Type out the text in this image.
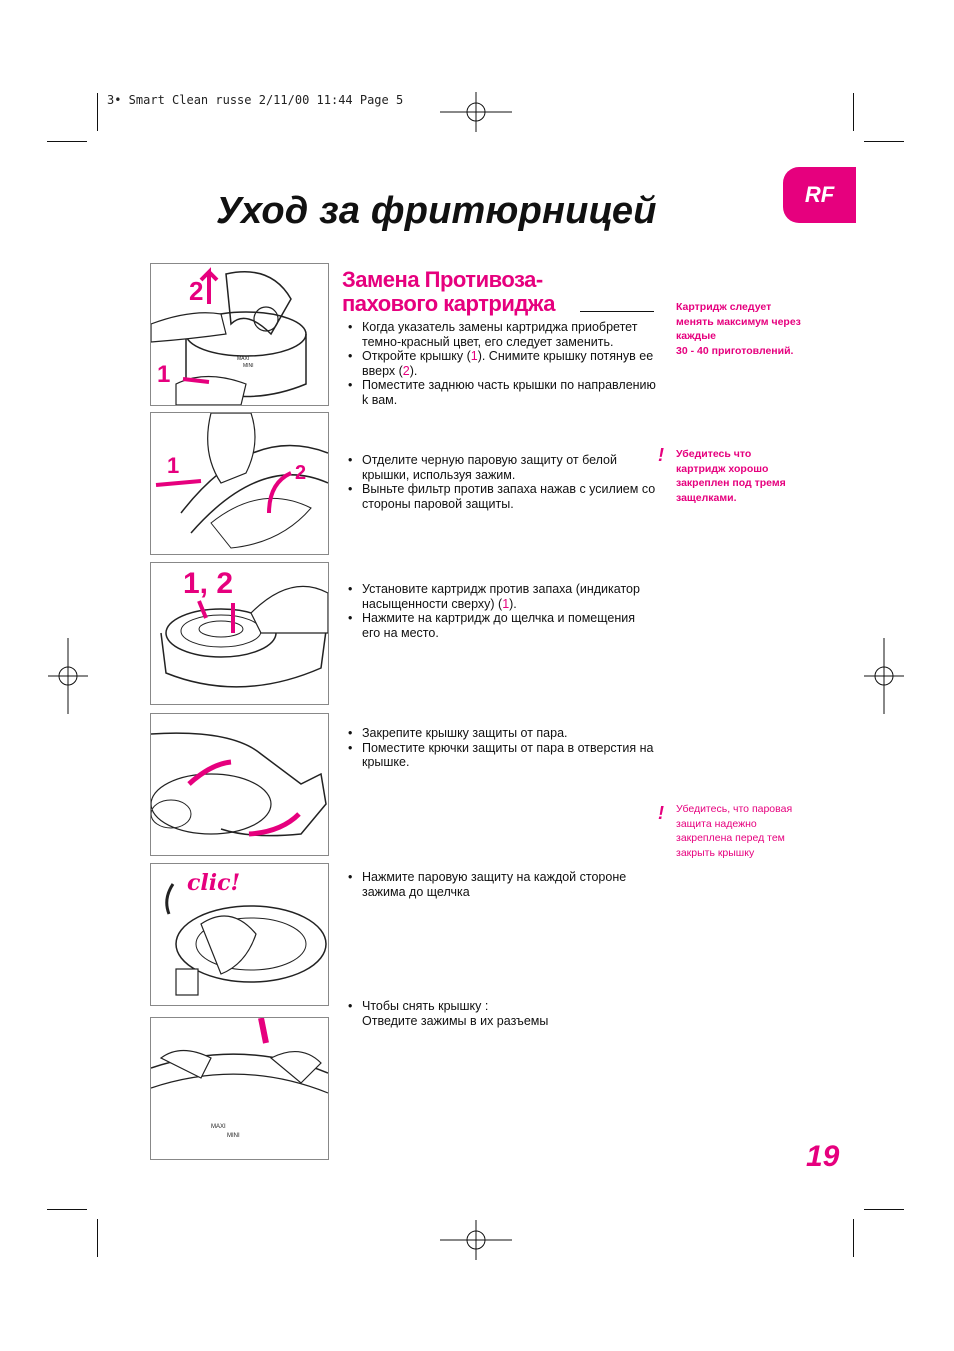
3• Smart Clean russe 2/11/00 11:44 Page 5
Уход за фритюрницей	RF
Замена Противоза-
пахового картриджа
2
1
MAXI
MINI
1	2
1, 2
clic!
MAXI
MINI
• Когда указатель замены картриджа приобретет темно-красный цвет, его следует заменить.
• Откройте крышку (1). Снимите крышку потянув ее вверх (2).
• Поместите заднюю часть крышки по направлению k вам.
• Отделите черную паровую защиту от белой крышки, используя зажим.
• Выньте фильтр против запаха нажав с усилием со стороны паровой защиты.
• Установите картридж против запаха (индикатор насыщенности сверху) (1).
• Нажмите на картридж до щелчка и помещения его на место.
• Закрепите крышку защиты от пара.
• Поместите крючки защиты от пара в отверстия на крышке.
• Нажмите паровую защиту на каждой стороне зажима до щелчка
• Чтобы снять крышку :
Отведите зажимы в их разъемы
Картридж следует
менять максимум через
каждые
30 - 40 приготовлений.
!	Убедитесь что
картридж хорошо
закреплен под тремя
защелками.
!	Убедитесь, что паровая
защита надежно
закреплена перед тем
закрыть крышку
19
